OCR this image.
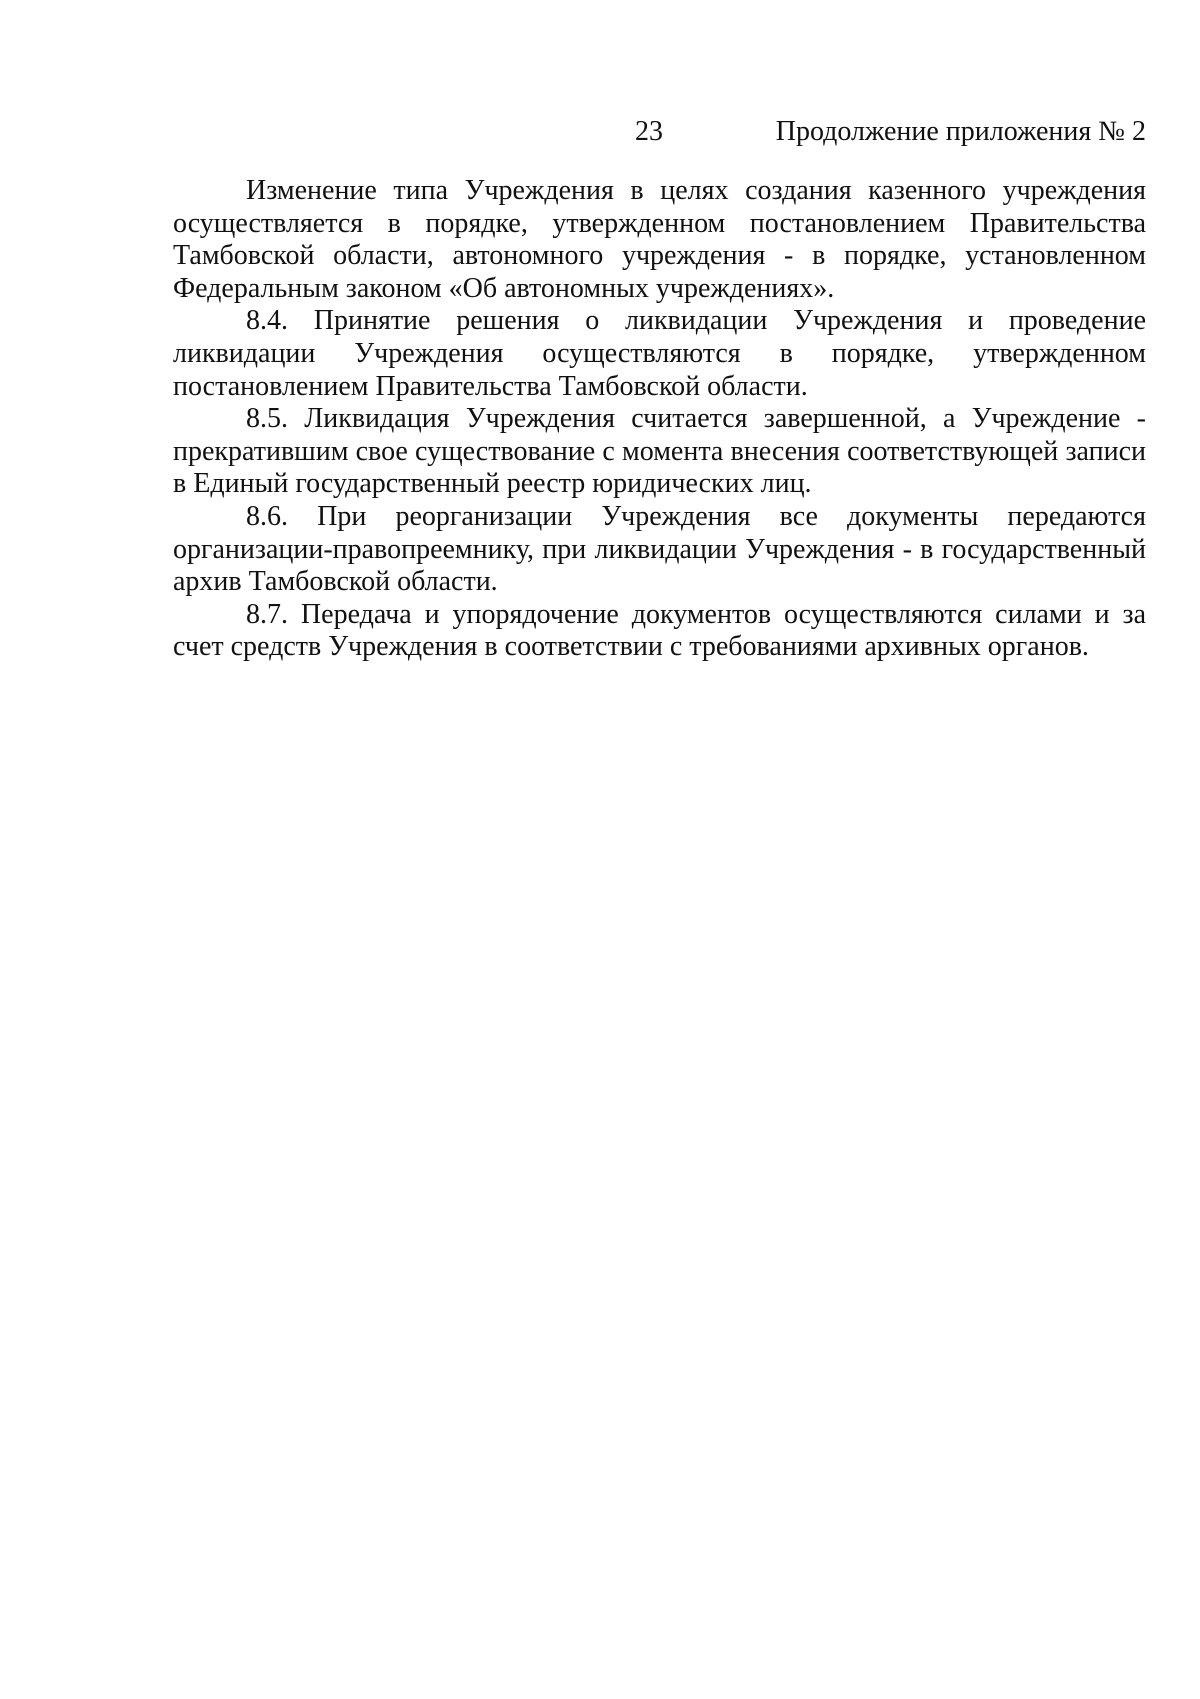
23	Продолжение приложения № 2

Изменение типа Учреждения в целях создания казенного учреждения осуществляется в порядке, утвержденном постановлением Правительства Тамбовской области, автономного учреждения - в порядке, установленном Федеральным законом «Об автономных учреждениях».

8.4. Принятие решения о ликвидации Учреждения и проведение ликвидации Учреждения осуществляются в порядке, утвержденном постановлением Правительства Тамбовской области.

8.5. Ликвидация Учреждения считается завершенной, а Учреждение - прекратившим свое существование с момента внесения соответствующей записи в Единый государственный реестр юридических лиц.

8.6. При реорганизации Учреждения все документы передаются организации-правопреемнику, при ликвидации Учреждения - в государственный архив Тамбовской области.

8.7. Передача и упорядочение документов осуществляются силами и за счет средств Учреждения в соответствии с требованиями архивных органов.
